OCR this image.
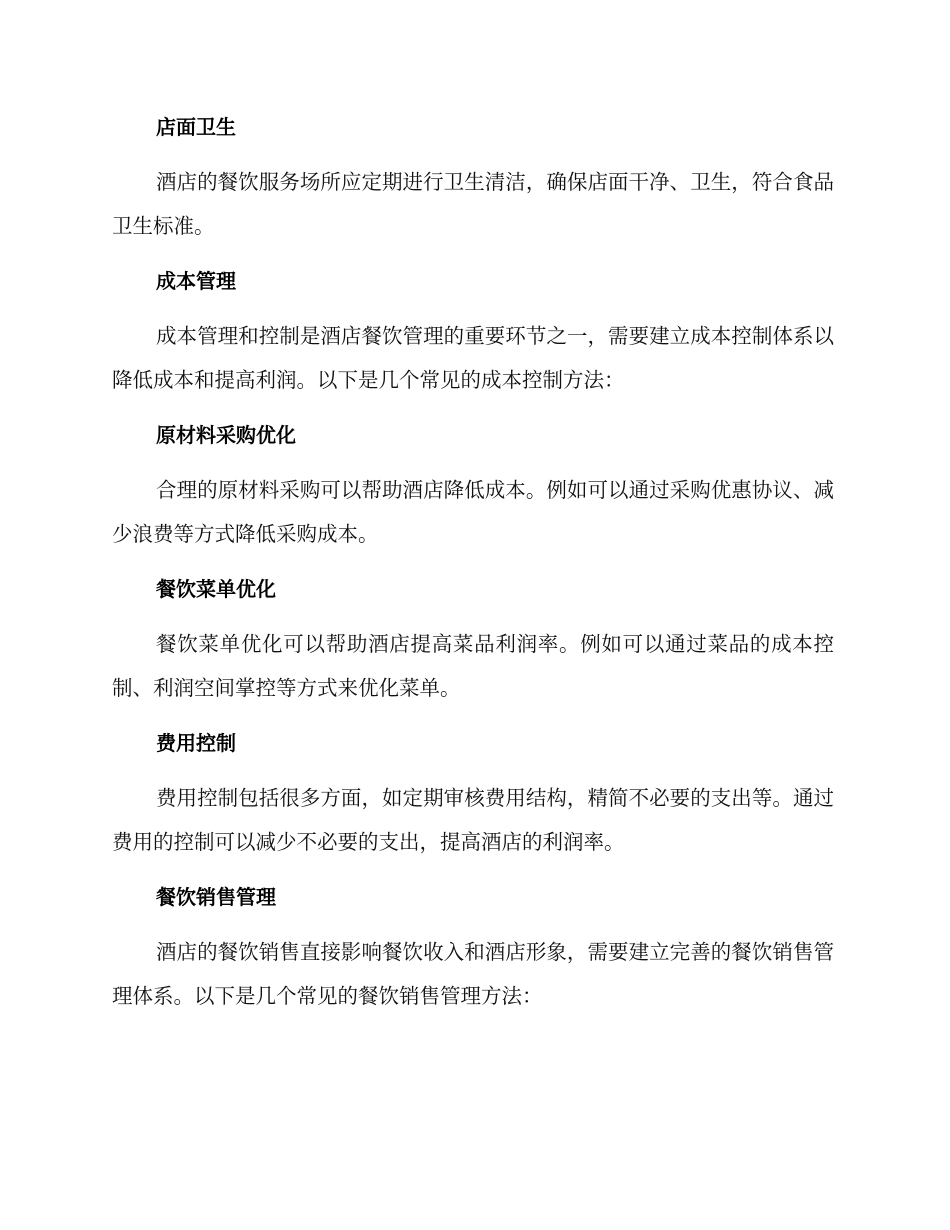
店面卫生

酒店的餐饮服务场所应定期进行卫生清洁，确保店面干净、卫生，符合食品卫生标准。

成本管理

成本管理和控制是酒店餐饮管理的重要环节之一，需要建立成本控制体系以降低成本和提高利润。以下是几个常见的成本控制方法：

原材料采购优化

合理的原材料采购可以帮助酒店降低成本。例如可以通过采购优惠协议、减少浪费等方式降低采购成本。

餐饮菜单优化

餐饮菜单优化可以帮助酒店提高菜品利润率。例如可以通过菜品的成本控制、利润空间掌控等方式来优化菜单。

费用控制

费用控制包括很多方面，如定期审核费用结构，精简不必要的支出等。通过费用的控制可以减少不必要的支出，提高酒店的利润率。

餐饮销售管理

酒店的餐饮销售直接影响餐饮收入和酒店形象，需要建立完善的餐饮销售管理体系。以下是几个常见的餐饮销售管理方法：
